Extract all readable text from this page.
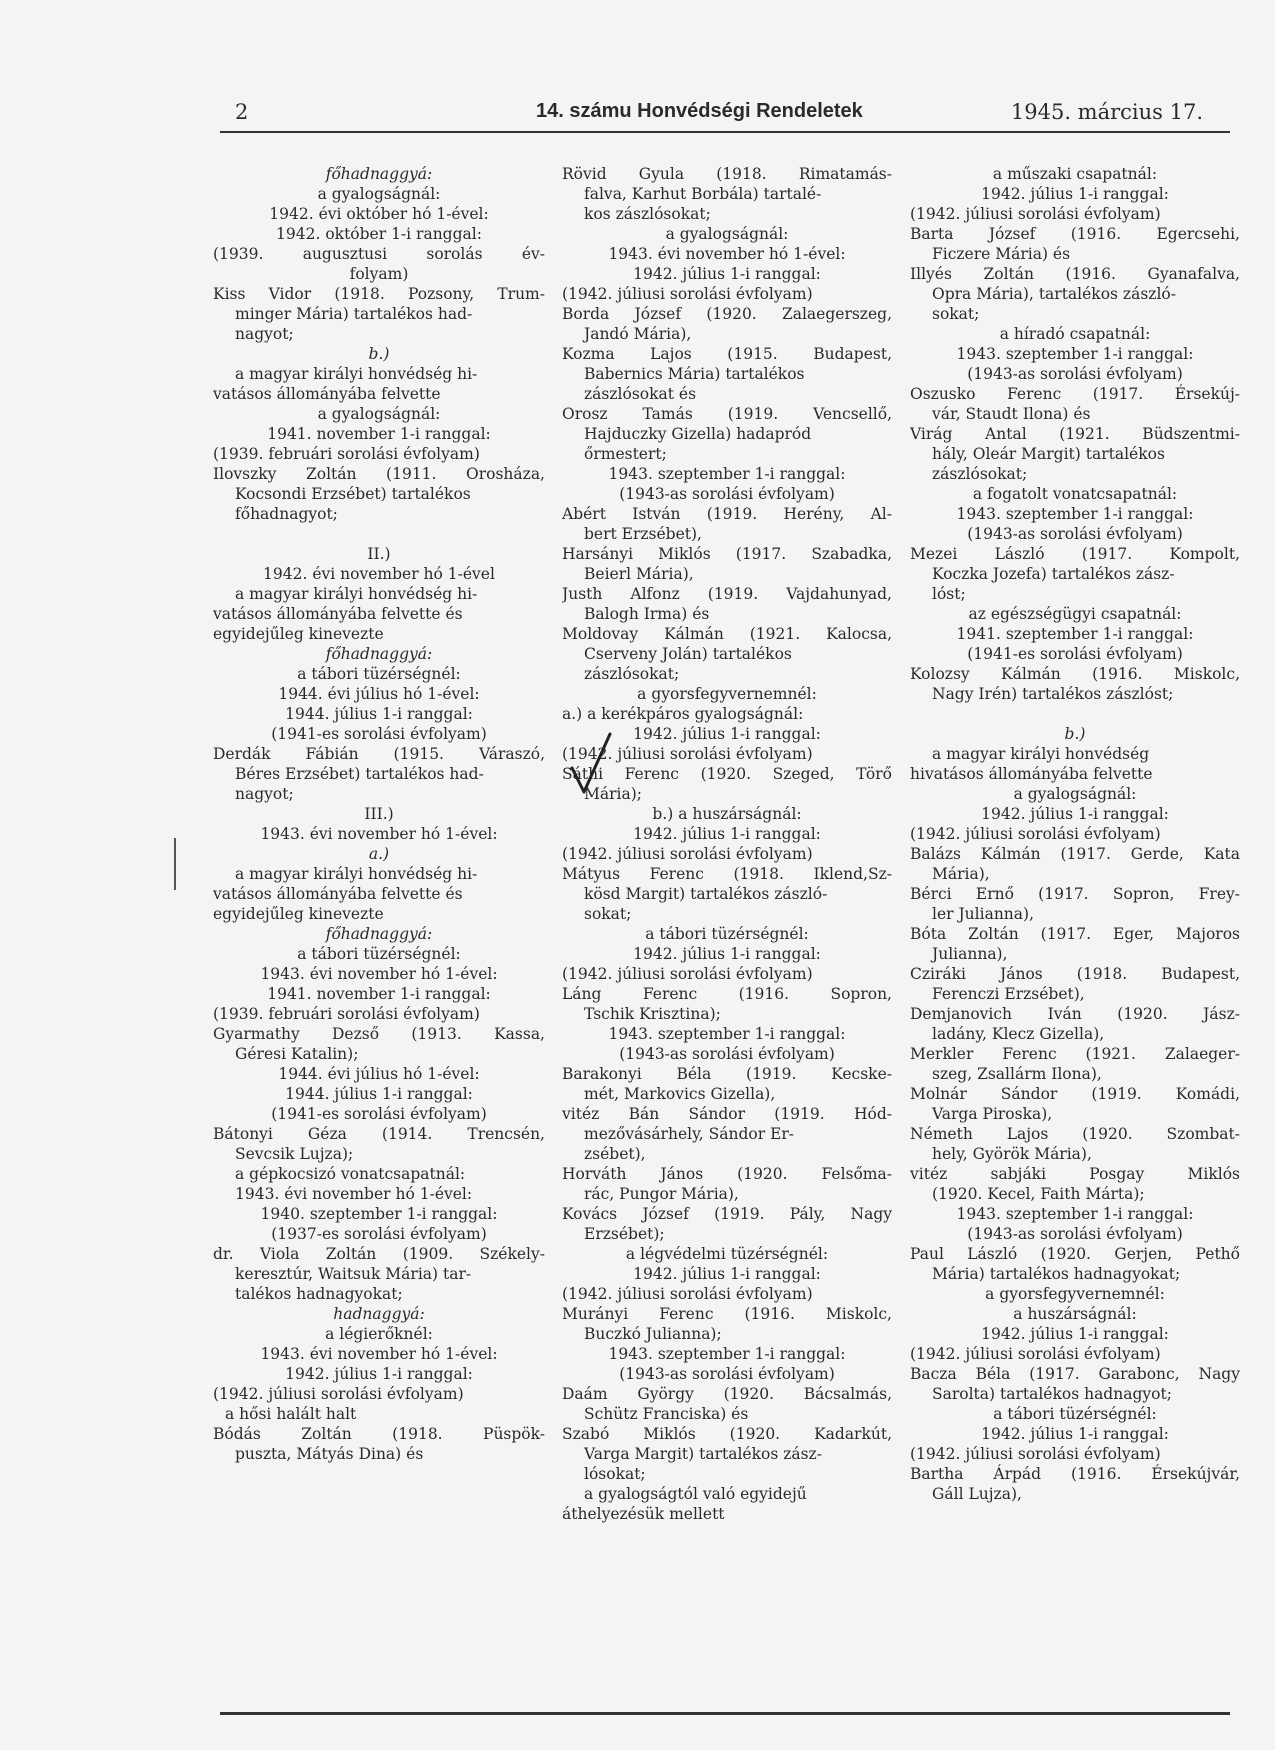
2	14. számu Honvédségi Rendeletek	1945. március 17.
főhadnaggyá:
a gyalogságnál:
1942. évi október hó 1-ével:
1942. október 1-i ranggal:
(1939. augusztusi sorolás év-
folyam)
Kiss Vidor (1918. Pozsony, Trum-
minger Mária) tartalékos had-
nagyot;
b.)
a magyar királyi honvédség hi-
vatásos állományába felvette
a gyalogságnál:
1941. november 1-i ranggal:
(1939. februári sorolási évfolyam)
Ilovszky Zoltán (1911. Orosháza,
Kocsondi Erzsébet) tartalékos
főhadnagyot;
II.)
1942. évi november hó 1-ével
a magyar királyi honvédség hi-
vatásos állományába felvette és
egyidejűleg kinevezte
főhadnaggyá:
a tábori tüzérségnél:
1944. évi július hó 1-ével:
1944. július 1-i ranggal:
(1941-es sorolási évfolyam)
Derdák Fábián (1915. Váraszó,
Béres Erzsébet) tartalékos had-
nagyot;
III.)
1943. évi november hó 1-ével:
a.)
a magyar királyi honvédség hi-
vatásos állományába felvette és
egyidejűleg kinevezte
főhadnaggyá:
a tábori tüzérségnél:
1943. évi november hó 1-ével:
1941. november 1-i ranggal:
(1939. februári sorolási évfolyam)
Gyarmathy Dezső (1913. Kassa,
Géresi Katalin);
1944. évi július hó 1-ével:
1944. július 1-i ranggal:
(1941-es sorolási évfolyam)
Bátonyi Géza (1914. Trencsén,
Sevcsik Lujza);
a gépkocsizó vonatcsapatnál:
1943. évi november hó 1-ével:
1940. szeptember 1-i ranggal:
(1937-es sorolási évfolyam)
dr. Viola Zoltán (1909. Székely-
keresztúr, Waitsuk Mária) tar-
talékos hadnagyokat;
hadnaggyá:
a légierőknél:
1943. évi november hó 1-ével:
1942. július 1-i ranggal:
(1942. júliusi sorolási évfolyam)
a hősi halált halt
Bódás Zoltán (1918. Püspök-
puszta, Mátyás Dina) és
Rövid Gyula (1918. Rimatamás-
falva, Karhut Borbála) tartalé-
kos zászlósokat;
a gyalogságnál:
1943. évi november hó 1-ével:
1942. július 1-i ranggal:
(1942. júliusi sorolási évfolyam)
Borda József (1920. Zalaegerszeg,
Jandó Mária),
Kozma Lajos (1915. Budapest,
Babernics Mária) tartalékos
zászlósokat és
Orosz Tamás (1919. Vencsellő,
Hajduczky Gizella) hadapród
őrmestert;
1943. szeptember 1-i ranggal:
(1943-as sorolási évfolyam)
Abért István (1919. Herény, Al-
bert Erzsébet),
Harsányi Miklós (1917. Szabadka,
Beierl Mária),
Justh Alfonz (1919. Vajdahunyad,
Balogh Irma) és
Moldovay Kálmán (1921. Kalocsa,
Cserveny Jolán) tartalékos
zászlósokat;
a gyorsfegyvernemnél:
a.) a kerékpáros gyalogságnál:
1942. július 1-i ranggal:
(1942. júliusi sorolási évfolyam)
Sáthi Ferenc (1920. Szeged, Törő
Mária);
b.) a huszárságnál:
1942. július 1-i ranggal:
(1942. júliusi sorolási évfolyam)
Mátyus Ferenc (1918. Iklend,Sz-
kösd Margit) tartalékos zászló-
sokat;
a tábori tüzérségnél:
1942. július 1-i ranggal:
(1942. júliusi sorolási évfolyam)
Láng Ferenc (1916. Sopron,
Tschik Krisztina);
1943. szeptember 1-i ranggal:
(1943-as sorolási évfolyam)
Barakonyi Béla (1919. Kecske-
mét, Markovics Gizella),
vitéz Bán Sándor (1919. Hód-
mezővásárhely, Sándor Er-
zsébet),
Horváth János (1920. Felsőma-
rác, Pungor Mária),
Kovács József (1919. Pály, Nagy
Erzsébet);
a légvédelmi tüzérségnél:
1942. július 1-i ranggal:
(1942. júliusi sorolási évfolyam)
Murányi Ferenc (1916. Miskolc,
Buczkó Julianna);
1943. szeptember 1-i ranggal:
(1943-as sorolási évfolyam)
Daám György (1920. Bácsalmás,
Schütz Franciska) és
Szabó Miklós (1920. Kadarkút,
Varga Margit) tartalékos zász-
lósokat;
a gyalogságtól való egyidejű
áthelyezésük mellett
a műszaki csapatnál:
1942. július 1-i ranggal:
(1942. júliusi sorolási évfolyam)
Barta József (1916. Egercsehi,
Ficzere Mária) és
Illyés Zoltán (1916. Gyanafalva,
Opra Mária), tartalékos zászló-
sokat;
a híradó csapatnál:
1943. szeptember 1-i ranggal:
(1943-as sorolási évfolyam)
Oszusko Ferenc (1917. Érsekúj-
vár, Staudt Ilona) és
Virág Antal (1921. Büdszentmi-
hály, Oleár Margit) tartalékos
zászlósokat;
a fogatolt vonatcsapatnál:
1943. szeptember 1-i ranggal:
(1943-as sorolási évfolyam)
Mezei László (1917. Kompolt,
Koczka Jozefa) tartalékos zász-
lóst;
az egészségügyi csapatnál:
1941. szeptember 1-i ranggal:
(1941-es sorolási évfolyam)
Kolozsy Kálmán (1916. Miskolc,
Nagy Irén) tartalékos zászlóst;
b.)
a magyar királyi honvédség
hivatásos állományába felvette
a gyalogságnál:
1942. július 1-i ranggal:
(1942. júliusi sorolási évfolyam)
Balázs Kálmán (1917. Gerde, Kata
Mária),
Bérci Ernő (1917. Sopron, Frey-
ler Julianna),
Bóta Zoltán (1917. Eger, Majoros
Julianna),
Cziráki János (1918. Budapest,
Ferenczi Erzsébet),
Demjanovich Iván (1920. Jász-
ladány, Klecz Gizella),
Merkler Ferenc (1921. Zalaeger-
szeg, Zsallárm Ilona),
Molnár Sándor (1919. Komádi,
Varga Piroska),
Németh Lajos (1920. Szombat-
hely, Györök Mária),
vitéz sabjáki Posgay Miklós
(1920. Kecel, Faith Márta);
1943. szeptember 1-i ranggal:
(1943-as sorolási évfolyam)
Paul László (1920. Gerjen, Pethő
Mária) tartalékos hadnagyokat;
a gyorsfegyvernemnél:
a huszárságnál:
1942. július 1-i ranggal:
(1942. júliusi sorolási évfolyam)
Bacza Béla (1917. Garabonc, Nagy
Sarolta) tartalékos hadnagyot;
a tábori tüzérségnél:
1942. július 1-i ranggal:
(1942. júliusi sorolási évfolyam)
Bartha Árpád (1916. Érsekújvár,
Gáll Lujza),
